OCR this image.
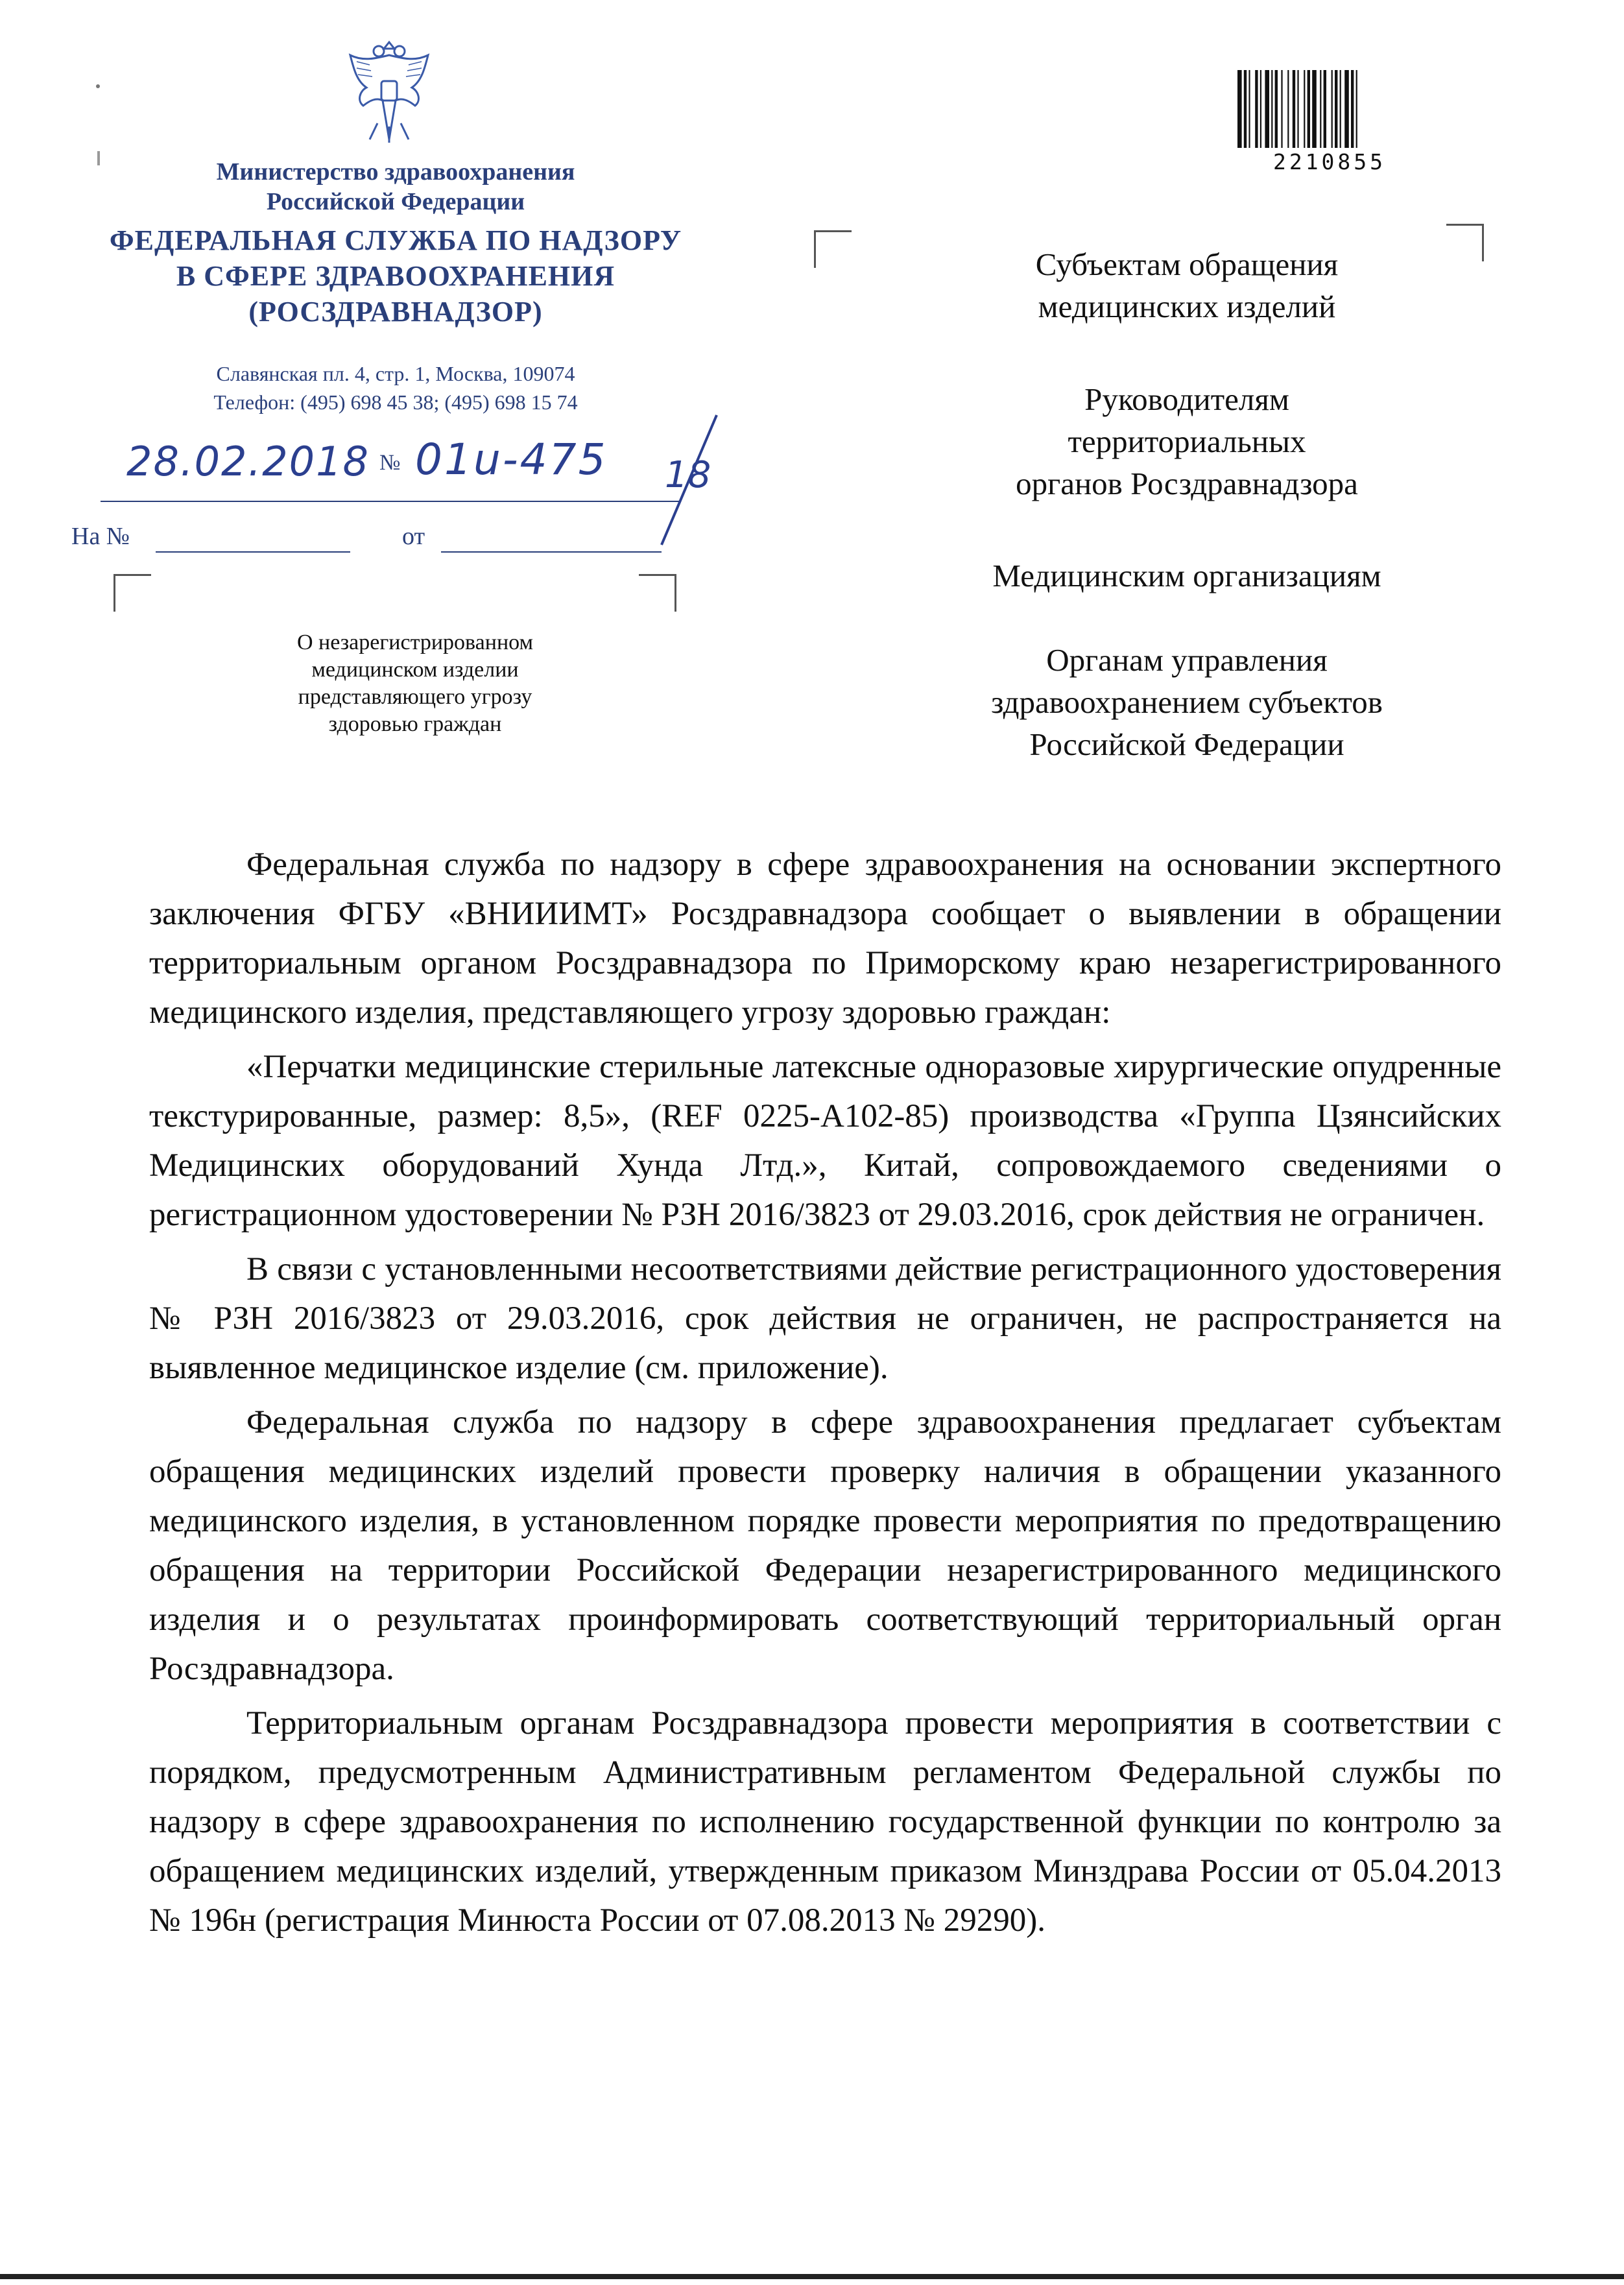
Министерство здравоохранения
Российской Федерации
ФЕДЕРАЛЬНАЯ СЛУЖБА ПО НАДЗОРУ
В СФЕРЕ ЗДРАВООХРАНЕНИЯ
(РОСЗДРАВНАДЗОР)
Славянская пл. 4, стр. 1, Москва, 109074
Телефон: (495) 698 45 38; (495) 698 15 74
28.02.2018 № 01u-475 18
На №	от
О незарегистрированном
медицинском изделии
представляющего угрозу
здоровью граждан
2210855
Субъектам обращения
медицинских изделий
Руководителям
территориальных
органов Росздравнадзора
Медицинским организациям
Органам управления
здравоохранением субъектов
Российской Федерации

Федеральная служба по надзору в сфере здравоохранения на основании экспертного заключения ФГБУ «ВНИИИМТ» Росздравнадзора сообщает о выявлении в обращении территориальным органом Росздравнадзора по Приморскому краю незарегистрированного медицинского изделия, представляющего угрозу здоровью граждан:

«Перчатки медицинские стерильные латексные одноразовые хирургические опудренные текстурированные, размер: 8,5», (REF 0225-A102-85) производства «Группа Цзянсийских Медицинских оборудований Хунда Лтд.», Китай, сопровождаемого сведениями о регистрационном удостоверении № РЗН 2016/3823 от 29.03.2016, срок действия не ограничен.

В связи с установленными несоответствиями действие регистрационного удостоверения № РЗН 2016/3823 от 29.03.2016, срок действия не ограничен, не распространяется на выявленное медицинское изделие (см. приложение).

Федеральная служба по надзору в сфере здравоохранения предлагает субъектам обращения медицинских изделий провести проверку наличия в обращении указанного медицинского изделия, в установленном порядке провести мероприятия по предотвращению обращения на территории Российской Федерации незарегистрированного медицинского изделия и о результатах проинформировать соответствующий территориальный орган Росздравнадзора.

Территориальным органам Росздравнадзора провести мероприятия в соответствии с порядком, предусмотренным Административным регламентом Федеральной службы по надзору в сфере здравоохранения по исполнению государственной функции по контролю за обращением медицинских изделий, утвержденным приказом Минздрава России от 05.04.2013 № 196н (регистрация Минюста России от 07.08.2013 № 29290).
